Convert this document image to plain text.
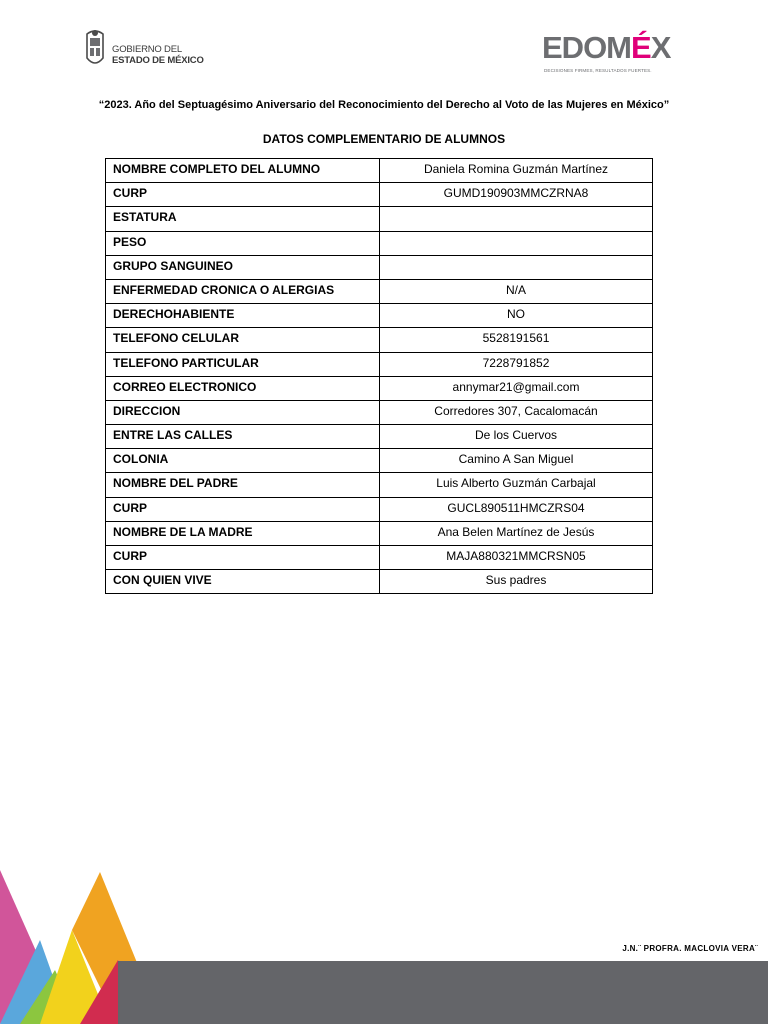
GOBIERNO DEL
ESTADO DE MÉXICO	EDOMÉX
DECISIONES FIRMES, RESULTADOS FUERTES.
“2023. Año del Septuagésimo Aniversario del Reconocimiento del Derecho al Voto de las Mujeres en México”
DATOS COMPLEMENTARIO DE ALUMNOS
NOMBRE COMPLETO DEL ALUMNO	Daniela Romina Guzmán Martínez
CURP	GUMD190903MMCZRNA8
ESTATURA	
PESO	
GRUPO SANGUINEO	
ENFERMEDAD CRONICA O ALERGIAS	N/A
DERECHOHABIENTE	NO
TELEFONO CELULAR	5528191561
TELEFONO PARTICULAR	7228791852
CORREO ELECTRONICO	annymar21@gmail.com
DIRECCION	Corredores 307, Cacalomacán
ENTRE LAS CALLES	De los Cuervos
COLONIA	Camino A San Miguel
NOMBRE DEL PADRE	Luis Alberto Guzmán Carbajal
CURP	GUCL890511HMCZRS04
NOMBRE DE LA MADRE	Ana Belen Martínez de Jesús
CURP	MAJA880321MMCRSN05
CON QUIEN VIVE	Sus padres
J.N.¨ PROFRA. MACLOVIA VERA¨
